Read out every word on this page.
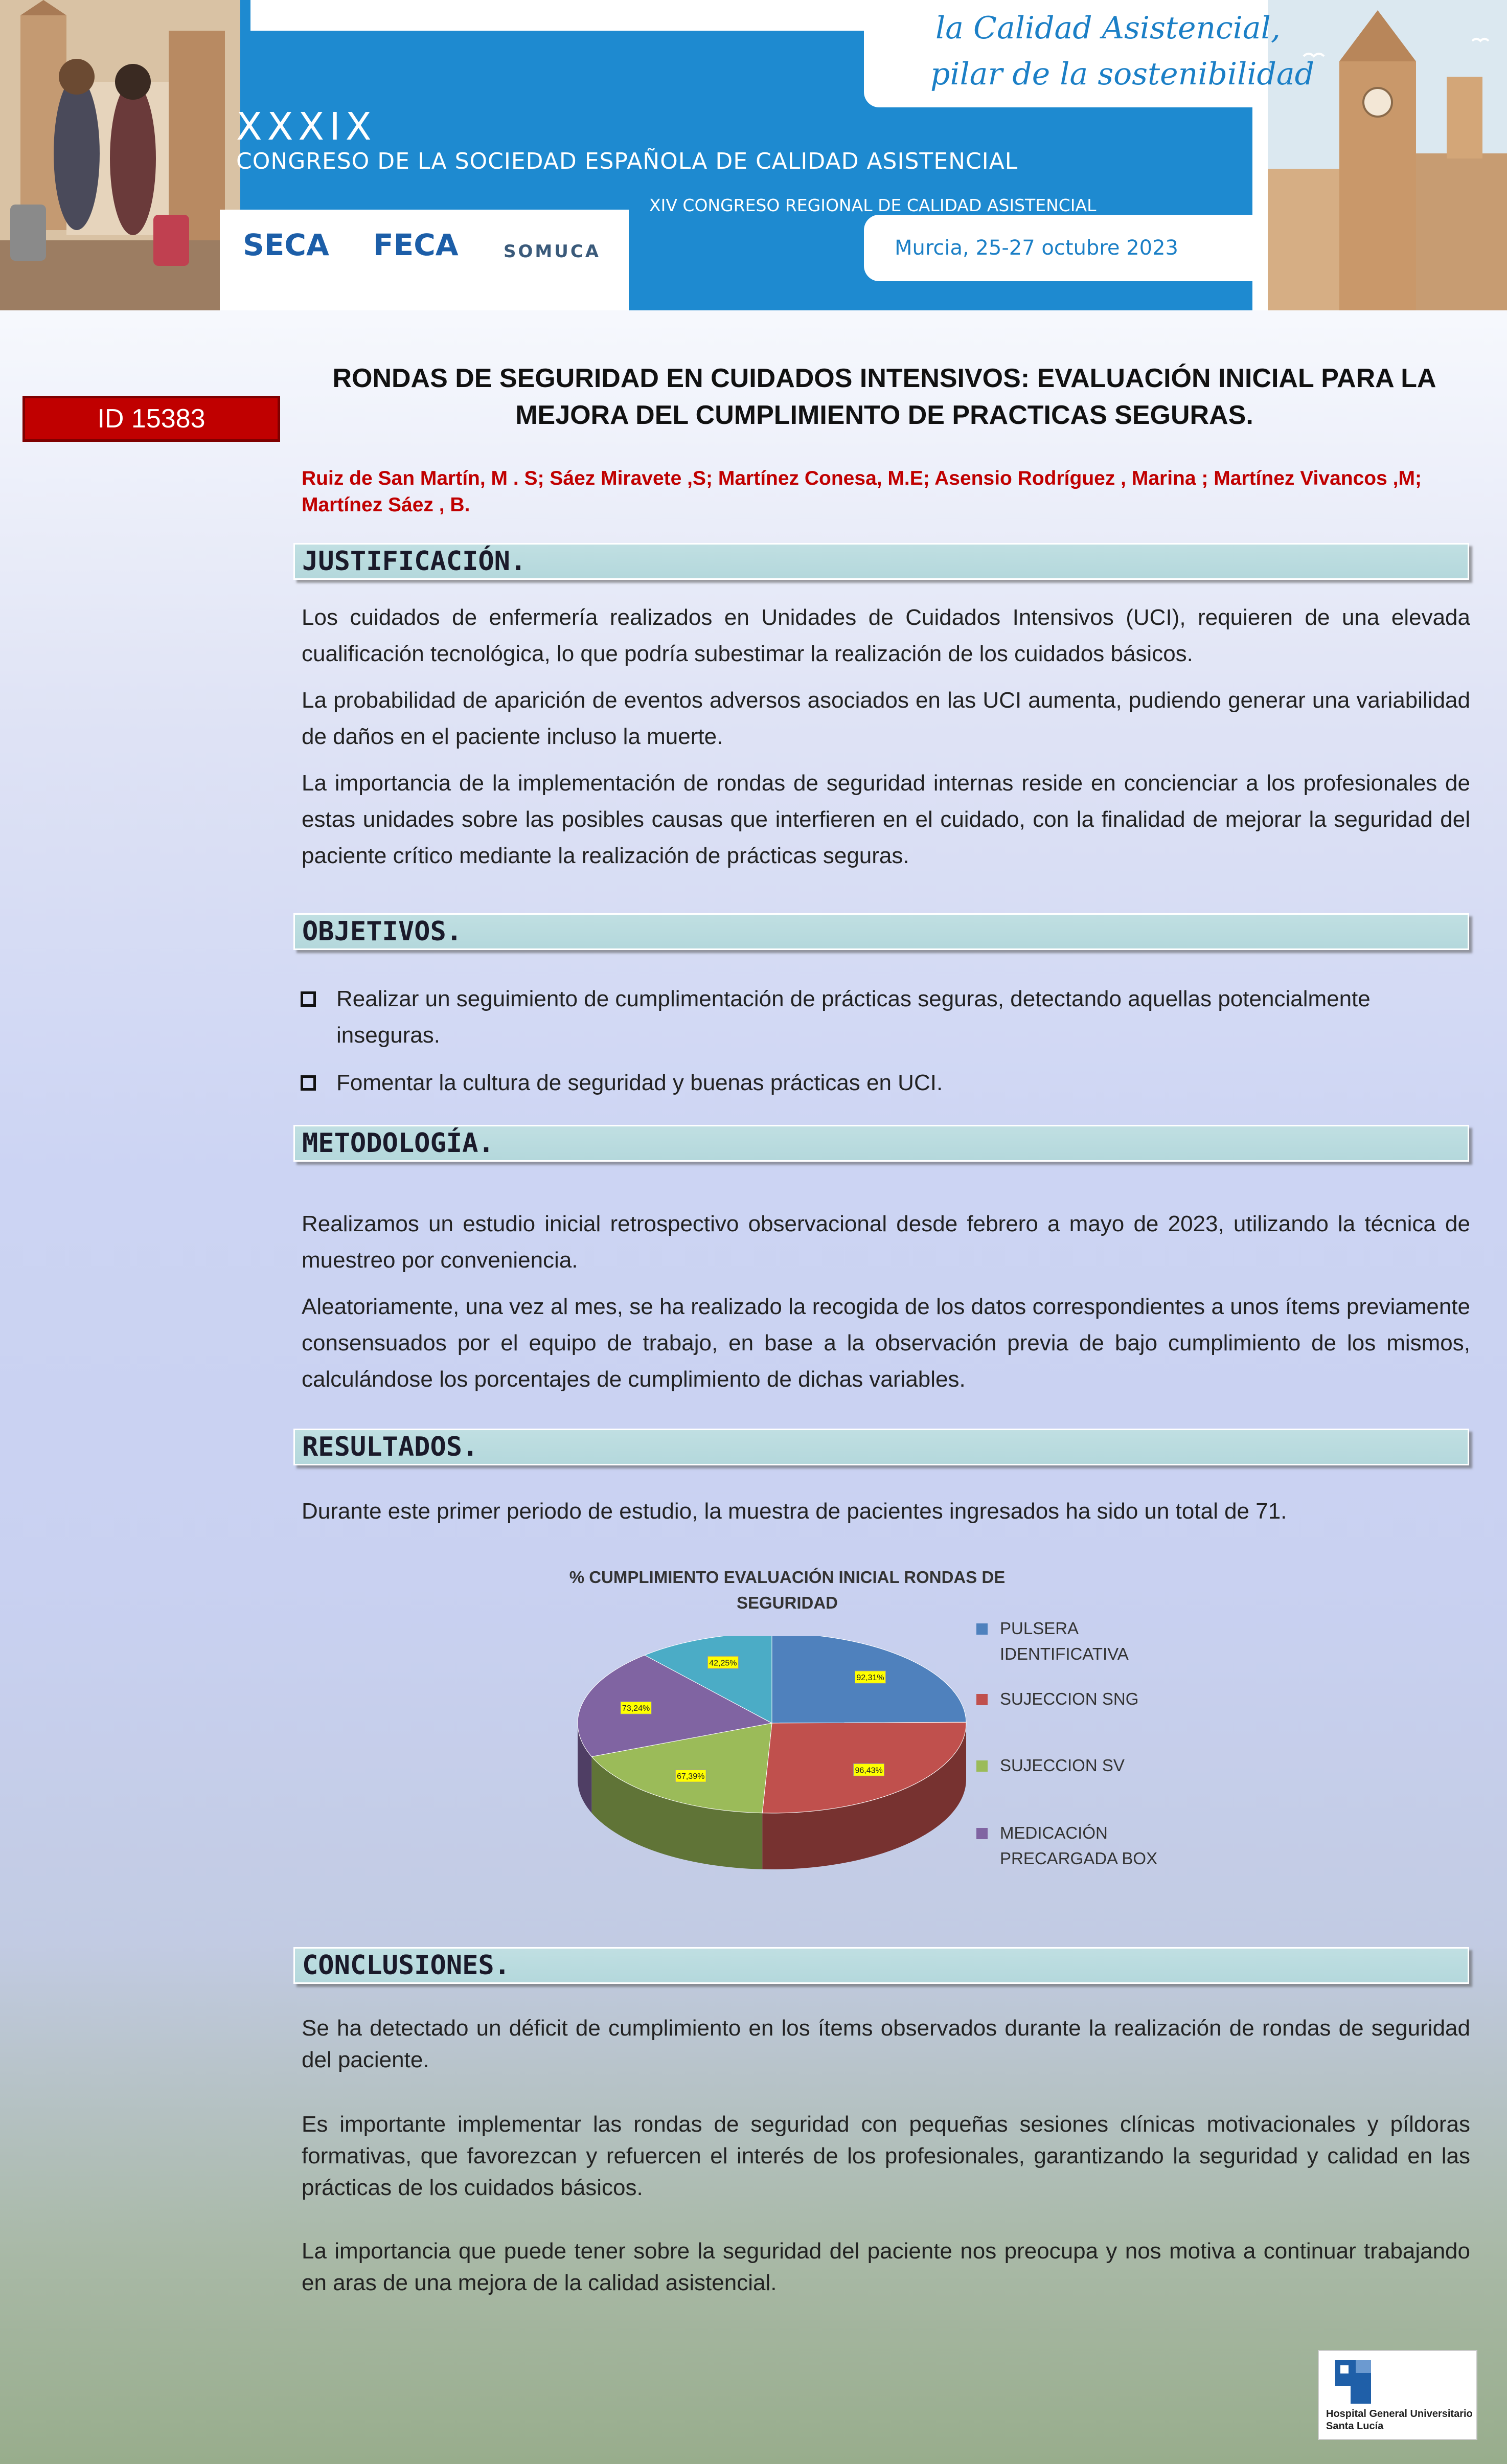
SECA FECA	SOMUCA
XXXIX
CONGRESO DE LA SOCIEDAD ESPAÑOLA DE CALIDAD ASISTENCIAL
XIV CONGRESO REGIONAL DE CALIDAD ASISTENCIAL
la Calidad Asistencial,
pilar de la sostenibilidad
Murcia, 25-27 octubre 2023
ID 15383
RONDAS DE SEGURIDAD EN CUIDADOS INTENSIVOS: EVALUACIÓN INICIAL PARA LA MEJORA DEL CUMPLIMIENTO DE PRACTICAS SEGURAS.
Ruiz de San Martín, M . S; Sáez Miravete ,S; Martínez Conesa, M.E; Asensio Rodríguez , Marina ; Martínez Vivancos ,M; Martínez Sáez , B.
JUSTIFICACIÓN.
Los cuidados de enfermería realizados en Unidades de Cuidados Intensivos (UCI), requieren de una elevada cualificación tecnológica, lo que podría subestimar la realización de los cuidados básicos.
La probabilidad de aparición de eventos adversos asociados en las UCI aumenta, pudiendo generar una variabilidad de daños en el paciente incluso la muerte.
La importancia de la implementación de rondas de seguridad internas reside en concienciar a los profesionales de estas unidades sobre las posibles causas que interfieren en el cuidado, con la finalidad de mejorar la seguridad del paciente crítico mediante la realización de prácticas seguras.
OBJETIVOS.
Realizar un seguimiento de cumplimentación de prácticas seguras, detectando aquellas potencialmente inseguras.
Fomentar la cultura de seguridad y buenas prácticas en UCI.
METODOLOGÍA.
Realizamos un estudio inicial retrospectivo observacional desde febrero a mayo de 2023, utilizando la técnica de muestreo por conveniencia.
Aleatoriamente, una vez al mes, se ha realizado la recogida de los datos correspondientes a unos ítems previamente consensuados por el equipo de trabajo, en base a la observación previa de bajo cumplimiento de los mismos, calculándose los porcentajes de cumplimiento de dichas variables.
RESULTADOS.
Durante este primer periodo de estudio, la muestra de pacientes ingresados ha sido un total de 71.
% CUMPLIMIENTO EVALUACIÓN INICIAL RONDAS DE SEGURIDAD
92,31%
96,43%
67,39%
73,24%
42,25%
PULSERA IDENTIFICATIVA
SUJECCION SNG
SUJECCION SV
MEDICACIÓN PRECARGADA BOX
CONCLUSIONES.
Se ha detectado un déficit de cumplimiento en los ítems observados durante la realización de rondas de seguridad del paciente.
Es importante implementar las rondas de seguridad con pequeñas sesiones clínicas motivacionales y píldoras formativas, que favorezcan y refuercen el interés de los profesionales, garantizando la seguridad y calidad en las prácticas de los cuidados básicos.
La importancia que puede tener sobre la seguridad del paciente nos preocupa y nos motiva a continuar trabajando en aras de una mejora de la calidad asistencial.
Hospital General Universitario
Santa Lucía
